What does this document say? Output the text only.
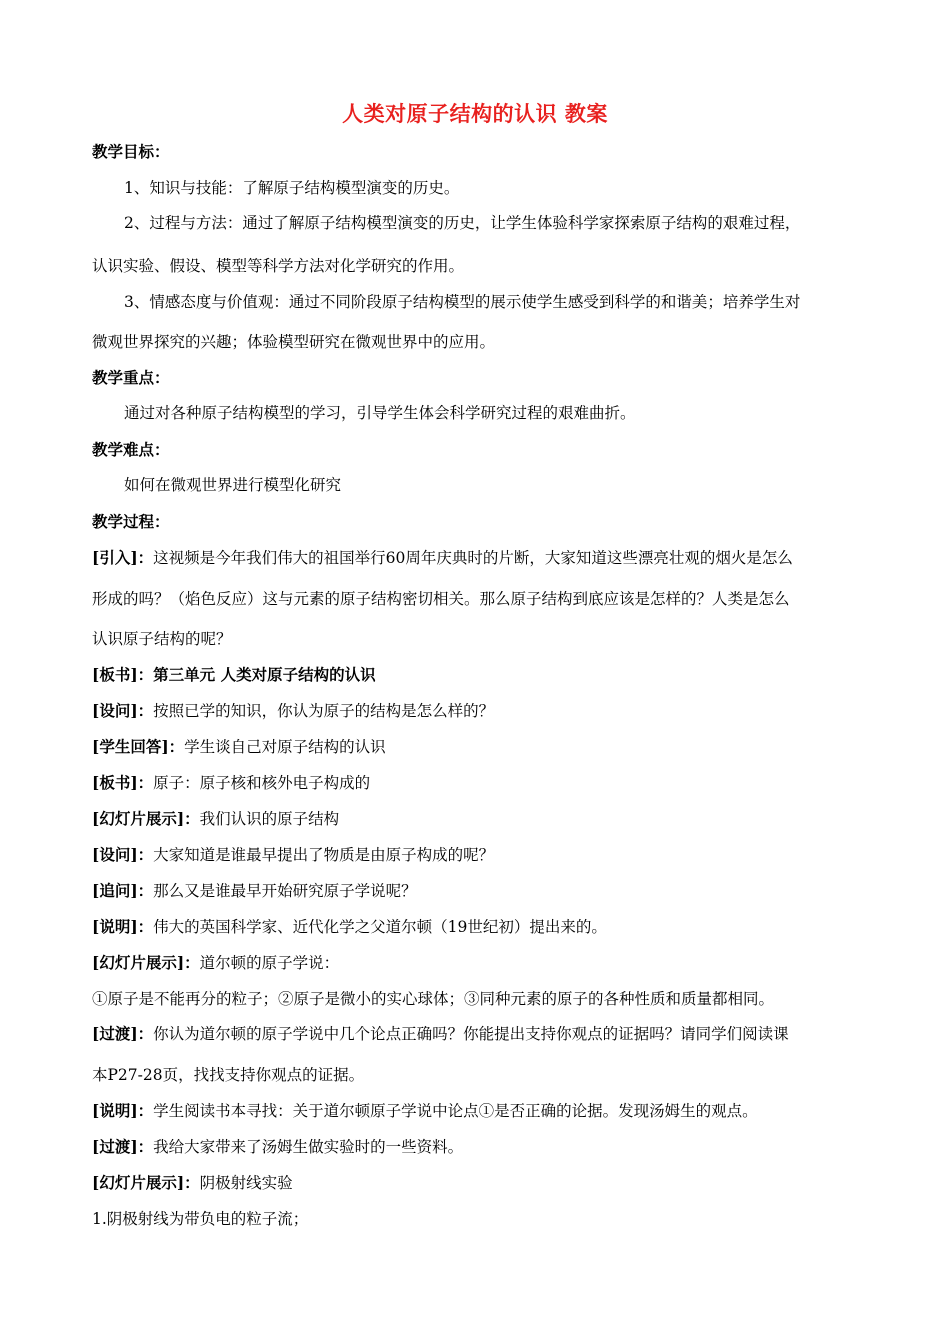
人类对原子结构的认识 教案
教学目标：
1、知识与技能：了解原子结构模型演变的历史。
2、过程与方法：通过了解原子结构模型演变的历史，让学生体验科学家探索原子结构的艰难过程，
认识实验、假设、模型等科学方法对化学研究的作用。
3、情感态度与价值观：通过不同阶段原子结构模型的展示使学生感受到科学的和谐美；培养学生对
微观世界探究的兴趣；体验模型研究在微观世界中的应用。
教学重点：
通过对各种原子结构模型的学习，引导学生体会科学研究过程的艰难曲折。
教学难点：
如何在微观世界进行模型化研究
教学过程：
[引入]：这视频是今年我们伟大的祖国举行60周年庆典时的片断，大家知道这些漂亮壮观的烟火是怎么
形成的吗？（焰色反应）这与元素的原子结构密切相关。那么原子结构到底应该是怎样的？人类是怎么
认识原子结构的呢？
[板书]：第三单元 人类对原子结构的认识
[设问]：按照已学的知识，你认为原子的结构是怎么样的？
[学生回答]：学生谈自己对原子结构的认识
[板书]：原子：原子核和核外电子构成的
[幻灯片展示]：我们认识的原子结构
[设问]：大家知道是谁最早提出了物质是由原子构成的呢？
[追问]：那么又是谁最早开始研究原子学说呢？
[说明]：伟大的英国科学家、近代化学之父道尔顿（19世纪初）提出来的。
[幻灯片展示]：道尔顿的原子学说：
①原子是不能再分的粒子；②原子是微小的实心球体；③同种元素的原子的各种性质和质量都相同。
[过渡]：你认为道尔顿的原子学说中几个论点正确吗？你能提出支持你观点的证据吗？请同学们阅读课
本P27-28页，找找支持你观点的证据。
[说明]：学生阅读书本寻找：关于道尔顿原子学说中论点①是否正确的论据。发现汤姆生的观点。
[过渡]：我给大家带来了汤姆生做实验时的一些资料。
[幻灯片展示]：阴极射线实验
1.阴极射线为带负电的粒子流；
